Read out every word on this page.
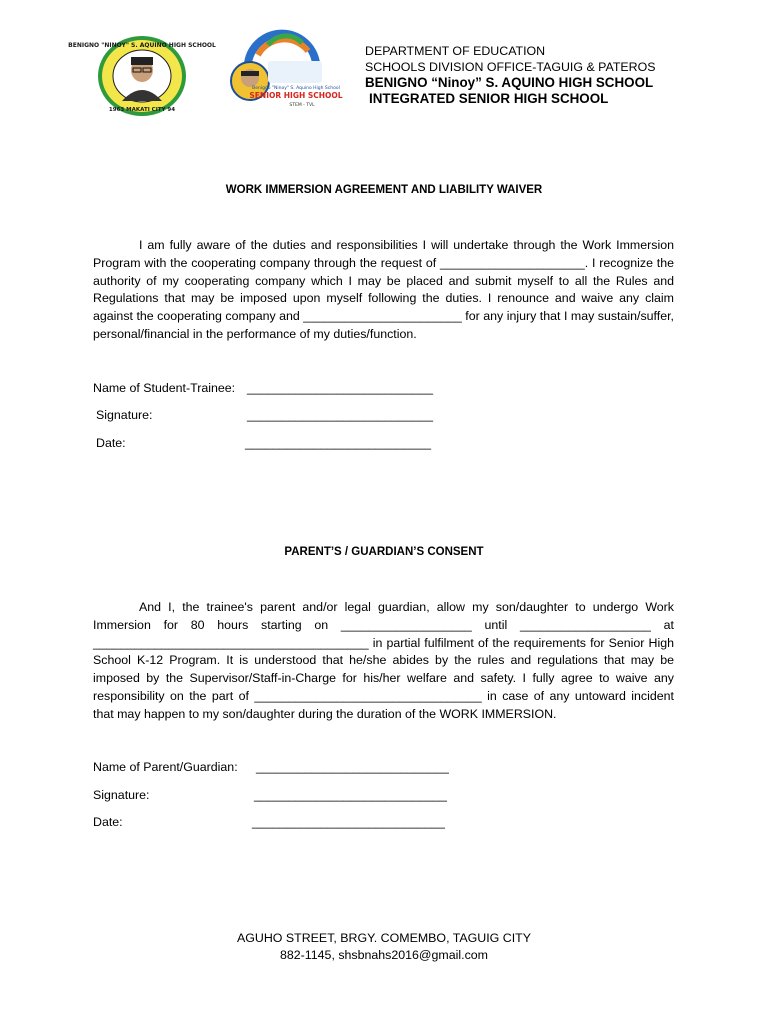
BENIGNO "NINOY" S. AQUINO HIGH SCHOOL
1963 MAKATI CITY 94
Benigno "Ninoy" S. Aquino High School
SENIOR HIGH SCHOOL
STEM - TVL
DEPARTMENT OF EDUCATION
SCHOOLS DIVISION OFFICE-TAGUIG & PATEROS
BENIGNO “Ninoy” S. AQUINO HIGH SCHOOL
INTEGRATED SENIOR HIGH SCHOOL
WORK IMMERSION AGREEMENT AND LIABILITY WAIVER

I am fully aware of the duties and responsibilities I will undertake through the Work Immersion Program with the cooperating company through the request of _____________________. I recognize the authority of my cooperating company which I may be placed and submit myself to all the Rules and Regulations that may be imposed upon myself following the duties. I renounce and waive any claim against the cooperating company and _______________________ for any injury that I may sustain/suffer, personal/financial in the performance of my duties/function.

Name of Student-Trainee: ___________________________
Signature:	___________________________
Date:	___________________________
PARENT’S / GUARDIAN’S CONSENT

And I, the trainee's parent and/or legal guardian, allow my son/daughter to undergo Work Immersion for 80 hours starting on ___________________ until ___________________ at ________________________________________ in partial fulfilment of the requirements for Senior High School K-12 Program. It is understood that he/she abides by the rules and regulations that may be imposed by the Supervisor/Staff-in-Charge for his/her welfare and safety. I fully agree to waive any responsibility on the part of _________________________________ in case of any untoward incident that may happen to my son/daughter during the duration of the WORK IMMERSION.

Name of Parent/Guardian: ____________________________
Signature:	____________________________
Date:	____________________________
AGUHO STREET, BRGY. COMEMBO, TAGUIG CITY
882-1145, shsbnahs2016@gmail.com
